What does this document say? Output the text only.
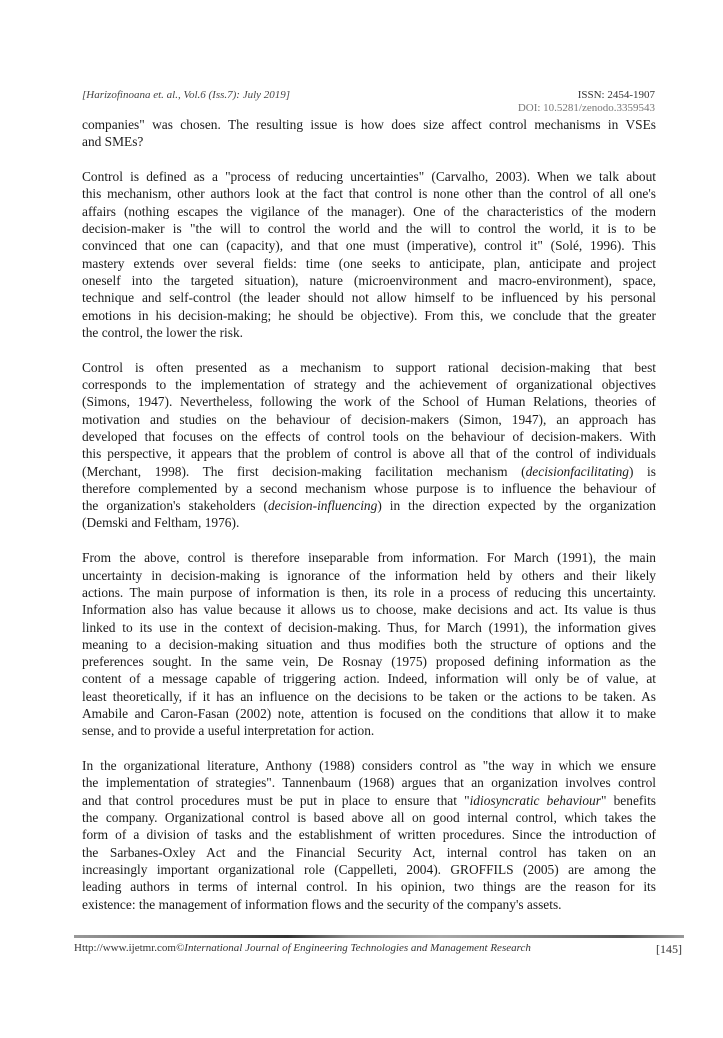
[Harizofinoana et. al., Vol.6 (Iss.7): July 2019]	ISSN: 2454-1907
DOI: 10.5281/zenodo.3359543
companies" was chosen. The resulting issue is how does size affect control mechanisms in VSEs
and SMEs?
Control is defined as a "process of reducing uncertainties" (Carvalho, 2003). When we talk about
this mechanism, other authors look at the fact that control is none other than the control of all one's
affairs (nothing escapes the vigilance of the manager). One of the characteristics of the modern
decision-maker is "the will to control the world and the will to control the world, it is to be
convinced that one can (capacity), and that one must (imperative), control it" (Solé, 1996). This
mastery extends over several fields: time (one seeks to anticipate, plan, anticipate and project
oneself into the targeted situation), nature (microenvironment and macro-environment), space,
technique and self-control (the leader should not allow himself to be influenced by his personal
emotions in his decision-making; he should be objective). From this, we conclude that the greater
the control, the lower the risk.
Control is often presented as a mechanism to support rational decision-making that best
corresponds to the implementation of strategy and the achievement of organizational objectives
(Simons, 1947). Nevertheless, following the work of the School of Human Relations, theories of
motivation and studies on the behaviour of decision-makers (Simon, 1947), an approach has
developed that focuses on the effects of control tools on the behaviour of decision-makers. With
this perspective, it appears that the problem of control is above all that of the control of individuals
(Merchant, 1998). The first decision-making facilitation mechanism (decisionfacilitating) is
therefore complemented by a second mechanism whose purpose is to influence the behaviour of
the organization's stakeholders (decision-influencing) in the direction expected by the organization
(Demski and Feltham, 1976).
From the above, control is therefore inseparable from information. For March (1991), the main
uncertainty in decision-making is ignorance of the information held by others and their likely
actions. The main purpose of information is then, its role in a process of reducing this uncertainty.
Information also has value because it allows us to choose, make decisions and act. Its value is thus
linked to its use in the context of decision-making. Thus, for March (1991), the information gives
meaning to a decision-making situation and thus modifies both the structure of options and the
preferences sought. In the same vein, De Rosnay (1975) proposed defining information as the
content of a message capable of triggering action. Indeed, information will only be of value, at
least theoretically, if it has an influence on the decisions to be taken or the actions to be taken. As
Amabile and Caron-Fasan (2002) note, attention is focused on the conditions that allow it to make
sense, and to provide a useful interpretation for action.
In the organizational literature, Anthony (1988) considers control as "the way in which we ensure
the implementation of strategies". Tannenbaum (1968) argues that an organization involves control
and that control procedures must be put in place to ensure that "idiosyncratic behaviour" benefits
the company. Organizational control is based above all on good internal control, which takes the
form of a division of tasks and the establishment of written procedures. Since the introduction of
the Sarbanes-Oxley Act and the Financial Security Act, internal control has taken on an
increasingly important organizational role (Cappelleti, 2004). GROFFILS (2005) are among the
leading authors in terms of internal control. In his opinion, two things are the reason for its
existence: the management of information flows and the security of the company's assets.
Http://www.ijetmr.com©International Journal of Engineering Technologies and Management Research	[145]
